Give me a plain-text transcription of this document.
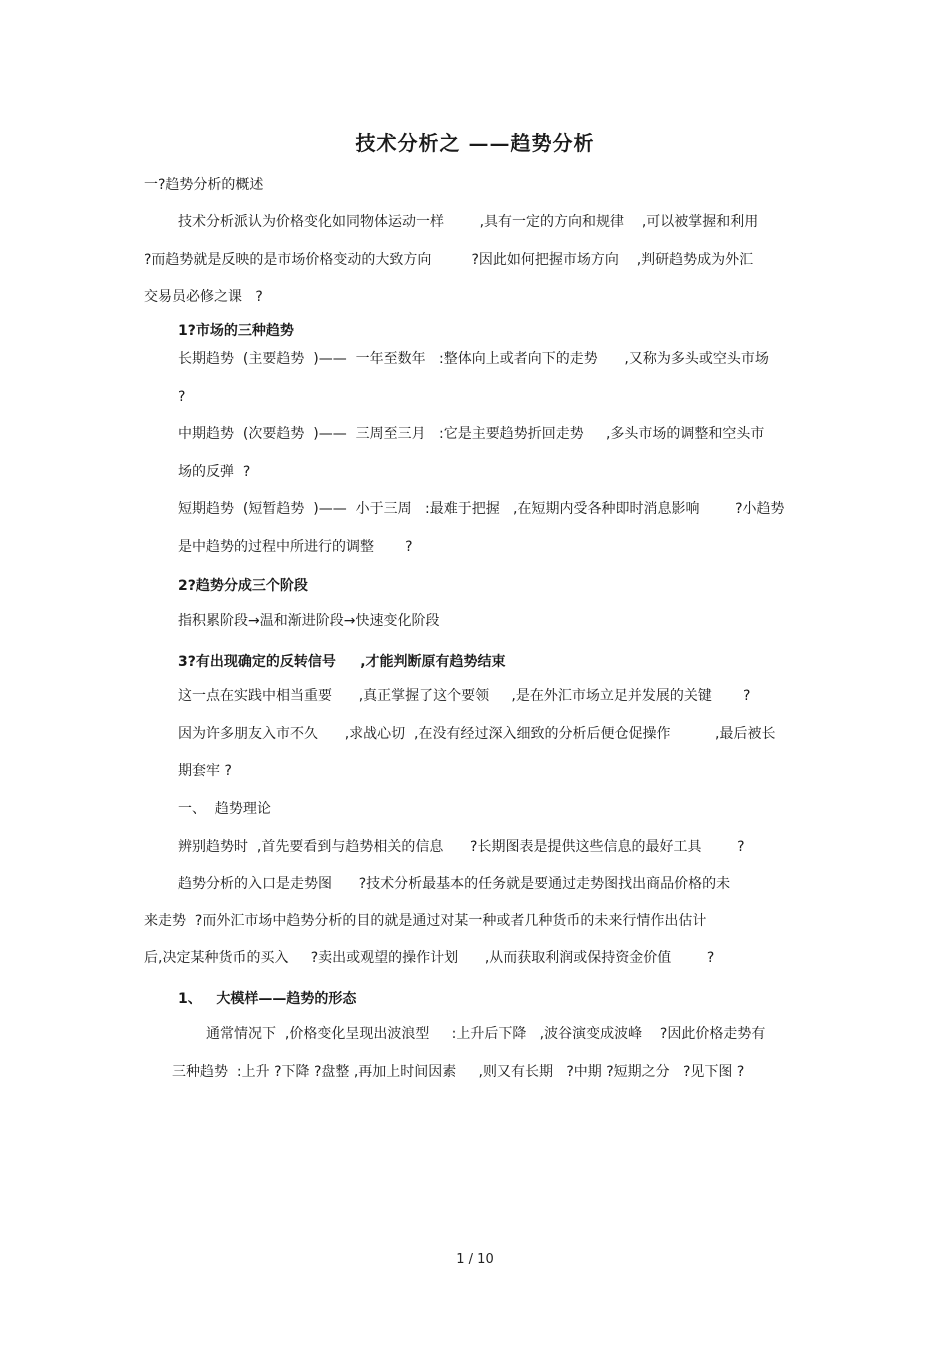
技术分析之 ——趋势分析

一?趋势分析的概述

技术分析派认为价格变化如同物体运动一样        ,具有一定的方向和规律    ,可以被掌握和利用

?而趋势就是反映的是市场价格变动的大致方向         ?因此如何把握市场方向    ,判研趋势成为外汇

交易员必修之课   ?

1?市场的三种趋势

长期趋势  (主要趋势  )——  一年至数年   :整体向上或者向下的走势      ,又称为多头或空头市场

?

中期趋势  (次要趋势  )——  三周至三月   :它是主要趋势折回走势     ,多头市场的调整和空头市

场的反弹  ?

短期趋势  (短暂趋势  )——  小于三周   :最难于把握   ,在短期内受各种即时消息影响        ?小趋势

是中趋势的过程中所进行的调整       ?

2?趋势分成三个阶段

指积累阶段→温和渐进阶段→快速变化阶段

3?有出现确定的反转信号     ,才能判断原有趋势结束

这一点在实践中相当重要      ,真正掌握了这个要领     ,是在外汇市场立足并发展的关键       ?

因为许多朋友入市不久      ,求战心切  ,在没有经过深入细致的分析后便仓促操作          ,最后被长

期套牢 ?

一、  趋势理论

辨别趋势时  ,首先要看到与趋势相关的信息      ?长期图表是提供这些信息的最好工具        ?

趋势分析的入口是走势图      ?技术分析最基本的任务就是要通过走势图找出商品价格的未

来走势  ?而外汇市场中趋势分析的目的就是通过对某一种或者几种货币的未来行情作出估计

后,决定某种货币的买入     ?卖出或观望的操作计划      ,从而获取利润或保持资金价值        ?

1、   大模样——趋势的形态

通常情况下  ,价格变化呈现出波浪型     :上升后下降   ,波谷演变成波峰    ?因此价格走势有

三种趋势  :上升 ?下降 ?盘整 ,再加上时间因素     ,则又有长期   ?中期 ?短期之分   ?见下图 ?

1 / 10
